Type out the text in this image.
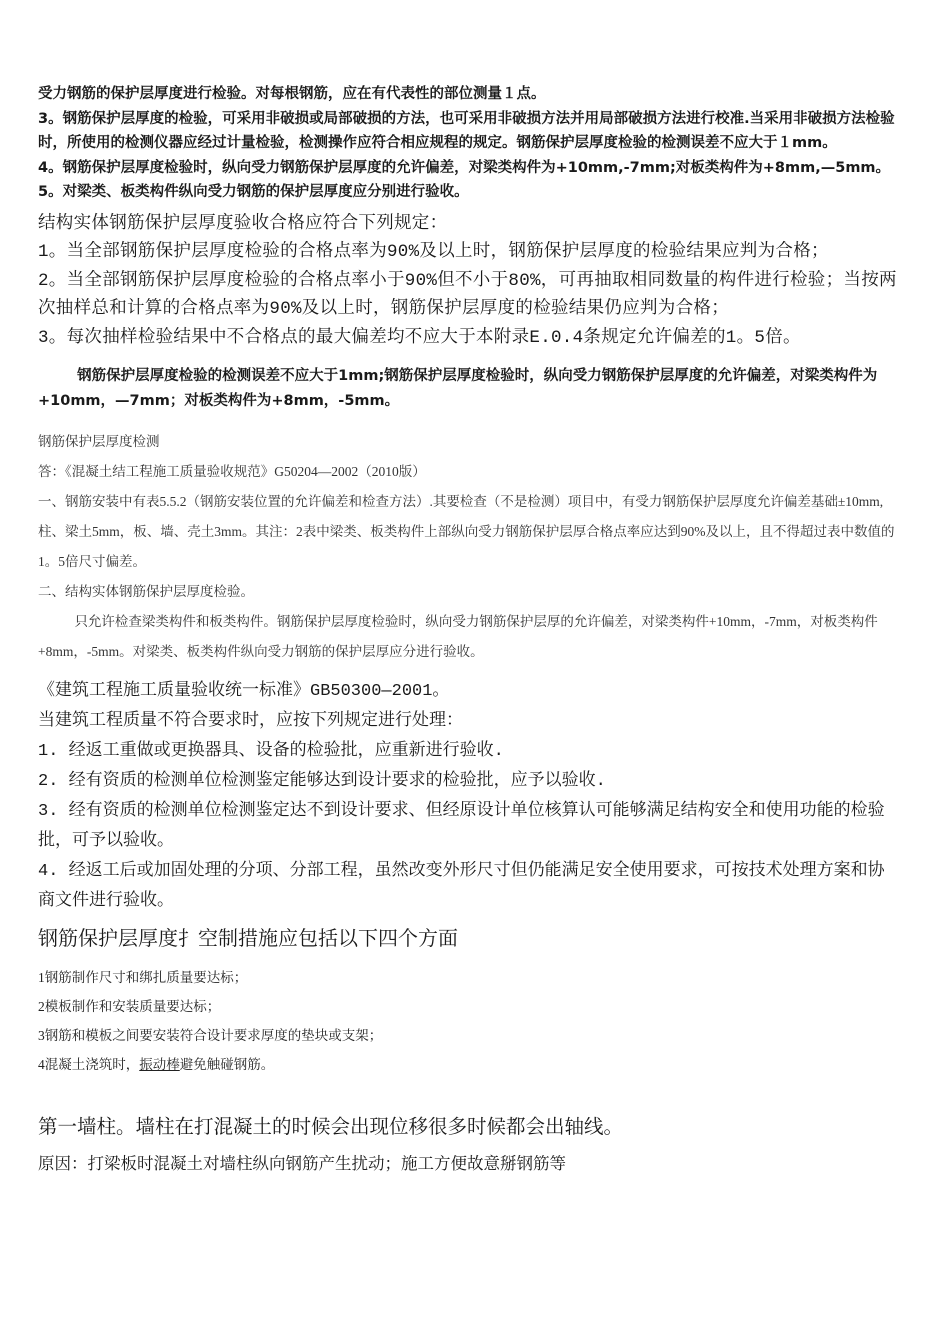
受力钢筋的保护层厚度进行检验。对每根钢筋，应在有代表性的部位测量１点。

3。钢筋保护层厚度的检验，可采用非破损或局部破损的方法，也可采用非破损方法并用局部破损方法进行校准.当采用非破损方法检验时，所使用的检测仪器应经过计量检验，检测操作应符合相应规程的规定。钢筋保护层厚度检验的检测误差不应大于１mm。

4。钢筋保护层厚度检验时，纵向受力钢筋保护层厚度的允许偏差，对梁类构件为+10mm,-7mm;对板类构件为+8mm,—5mm。

5。对梁类、板类构件纵向受力钢筋的保护层厚度应分别进行验收。

结构实体钢筋保护层厚度验收合格应符合下列规定：

1。当全部钢筋保护层厚度检验的合格点率为90%及以上时，钢筋保护层厚度的检验结果应判为合格；

2。当全部钢筋保护层厚度检验的合格点率小于90%但不小于80%，可再抽取相同数量的构件进行检验；当按两次抽样总和计算的合格点率为90%及以上时，钢筋保护层厚度的检验结果仍应判为合格；

3。每次抽样检验结果中不合格点的最大偏差均不应大于本附录E.0.4条规定允许偏差的1。5倍。

钢筋保护层厚度检验的检测误差不应大于1mm;钢筋保护层厚度检验时，纵向受力钢筋保护层厚度的允许偏差，对梁类构件为+10mm，—7mm；对板类构件为+8mm，-5mm。

钢筋保护层厚度检测

答：《混凝土结工程施工质量验收规范》G50204—2002（2010版）

一、钢筋安装中有表5.5.2（钢筋安装位置的允许偏差和检查方法）.其要检查（不是检测）项目中，有受力钢筋保护层厚度允许偏差基础±10mm,柱、梁土5mm，板、墙、壳土3mm。其注：2表中梁类、板类构件上部纵向受力钢筋保护层厚合格点率应达到90%及以上，且不得超过表中数值的1。5倍尺寸偏差。

二、结构实体钢筋保护层厚度检验。

只允许检查梁类构件和板类构件。钢筋保护层厚度检验时，纵向受力钢筋保护层厚的允许偏差，对梁类构件+10mm，-7mm，对板类构件+8mm，-5mm。对梁类、板类构件纵向受力钢筋的保护层厚应分进行验收。

《建筑工程施工质量验收统一标准》GB50300—2001。

当建筑工程质量不符合要求时，应按下列规定进行处理：

1. 经返工重做或更换器具、设备的检验批，应重新进行验收.

2. 经有资质的检测单位检测鉴定能够达到设计要求的检验批，应予以验收.

3. 经有资质的检测单位检测鉴定达不到设计要求、但经原设计单位核算认可能够满足结构安全和使用功能的检验批，可予以验收。

4. 经返工后或加固处理的分项、分部工程，虽然改变外形尺寸但仍能满足安全使用要求，可按技术处理方案和协商文件进行验收。

钢筋保护层厚度扌空制措施应包括以下四个方面

1钢筋制作尺寸和绑扎质量要达标；

2模板制作和安装质量要达标；

3钢筋和模板之间要安装符合设计要求厚度的垫块或支架；

4混凝土浇筑时，振动棒避免触碰钢筋。

第一墙柱。墙柱在打混凝土的时候会出现位移很多时候都会出轴线。

原因：打梁板时混凝土对墙柱纵向钢筋产生扰动；施工方便故意掰钢筋等
